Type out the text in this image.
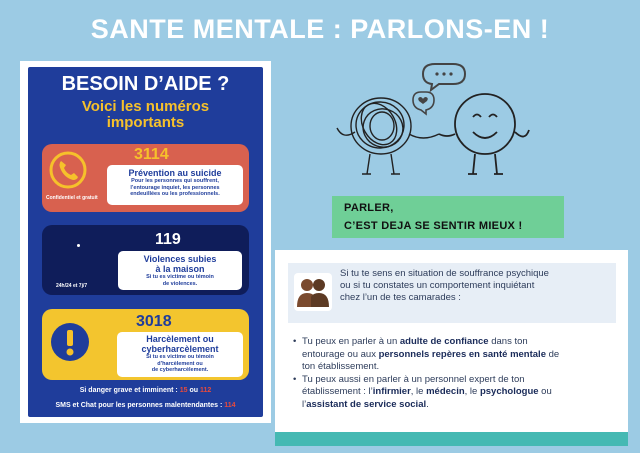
SANTE MENTALE : PARLONS-EN !
BESOIN D’AIDE ?
Voici les numéros
importants
Confidentiel et gratuit
3114
Prévention au suicide
Pour les personnes qui souffrent,
l’entourage inquiet, les personnes
endeuillées ou les professionnels.
24h/24 et 7j/7
119
Violences subies
à la maison
Si tu es victime ou témoin
de violences.
3018
Harcèlement ou
cyberharcèlement
Si tu es victime ou témoin
d’harcèlement ou
de cyberharcèlement.
Si danger grave et imminent : 15 ou 112
SMS et Chat pour les personnes malentendantes : 114
PARLER,
C’EST DEJA SE SENTIR MIEUX !
Si tu te sens en situation de souffrance psychique
ou si tu constates un comportement inquiétant
chez l’un de tes camarades :
• Tu peux en parler à un adulte de confiance dans ton
entourage ou aux personnels repères en santé mentale de
ton établissement.
• Tu peux aussi en parler à un personnel expert de ton
établissement : l’infirmier, le médecin, le psychologue ou
l’assistant de service social.
